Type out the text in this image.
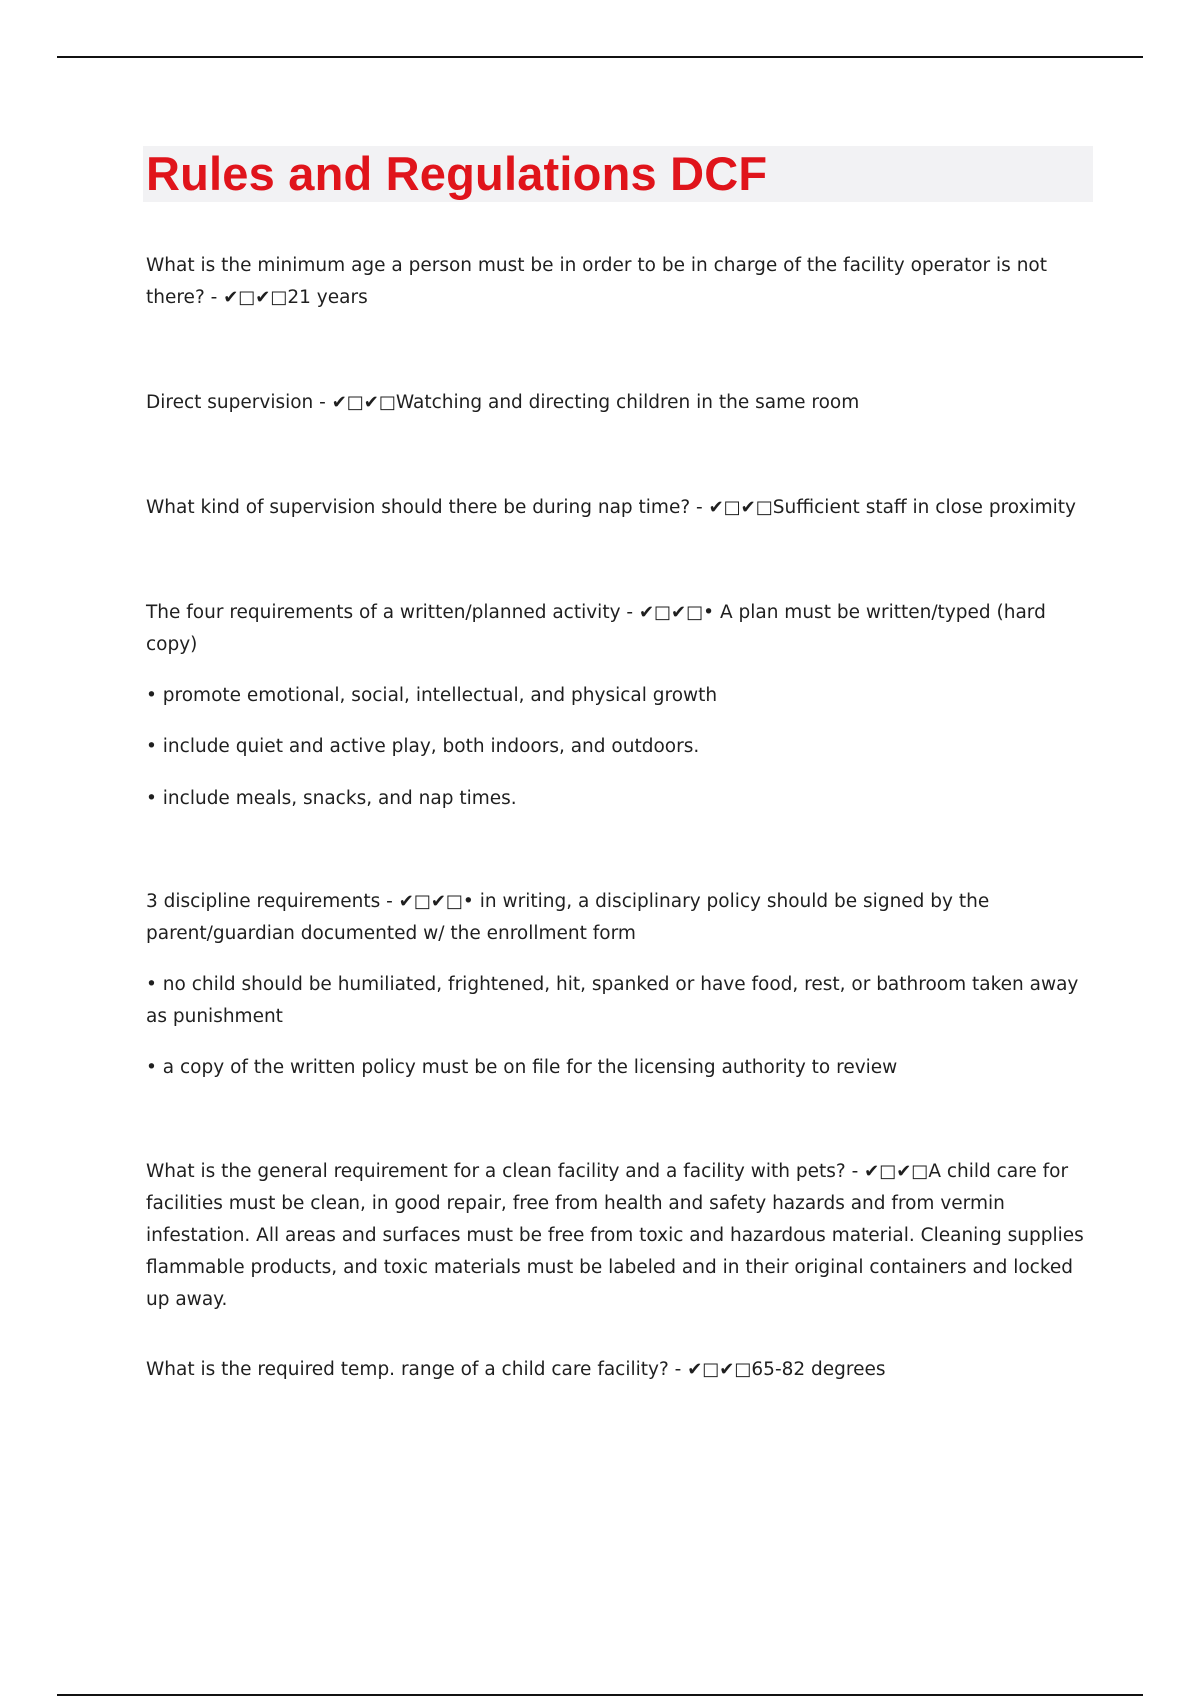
Rules and Regulations DCF

What is the minimum age a person must be in order to be in charge of the facility operator is not there? - ✔□✔□21 years

Direct supervision - ✔□✔□Watching and directing children in the same room

What kind of supervision should there be during nap time? - ✔□✔□Sufficient staff in close proximity

The four requirements of a written/planned activity - ✔□✔□• A plan must be written/typed (hard copy)

• promote emotional, social, intellectual, and physical growth

• include quiet and active play, both indoors, and outdoors.

• include meals, snacks, and nap times.

3 discipline requirements - ✔□✔□• in writing, a disciplinary policy should be signed by the parent/guardian documented w/ the enrollment form

• no child should be humiliated, frightened, hit, spanked or have food, rest, or bathroom taken away as punishment

• a copy of the written policy must be on file for the licensing authority to review

What is the general requirement for a clean facility and a facility with pets? - ✔□✔□A child care for facilities must be clean, in good repair, free from health and safety hazards and from vermin infestation. All areas and surfaces must be free from toxic and hazardous material. Cleaning supplies flammable products, and toxic materials must be labeled and in their original containers and locked up away.

What is the required temp. range of a child care facility? - ✔□✔□65-82 degrees
